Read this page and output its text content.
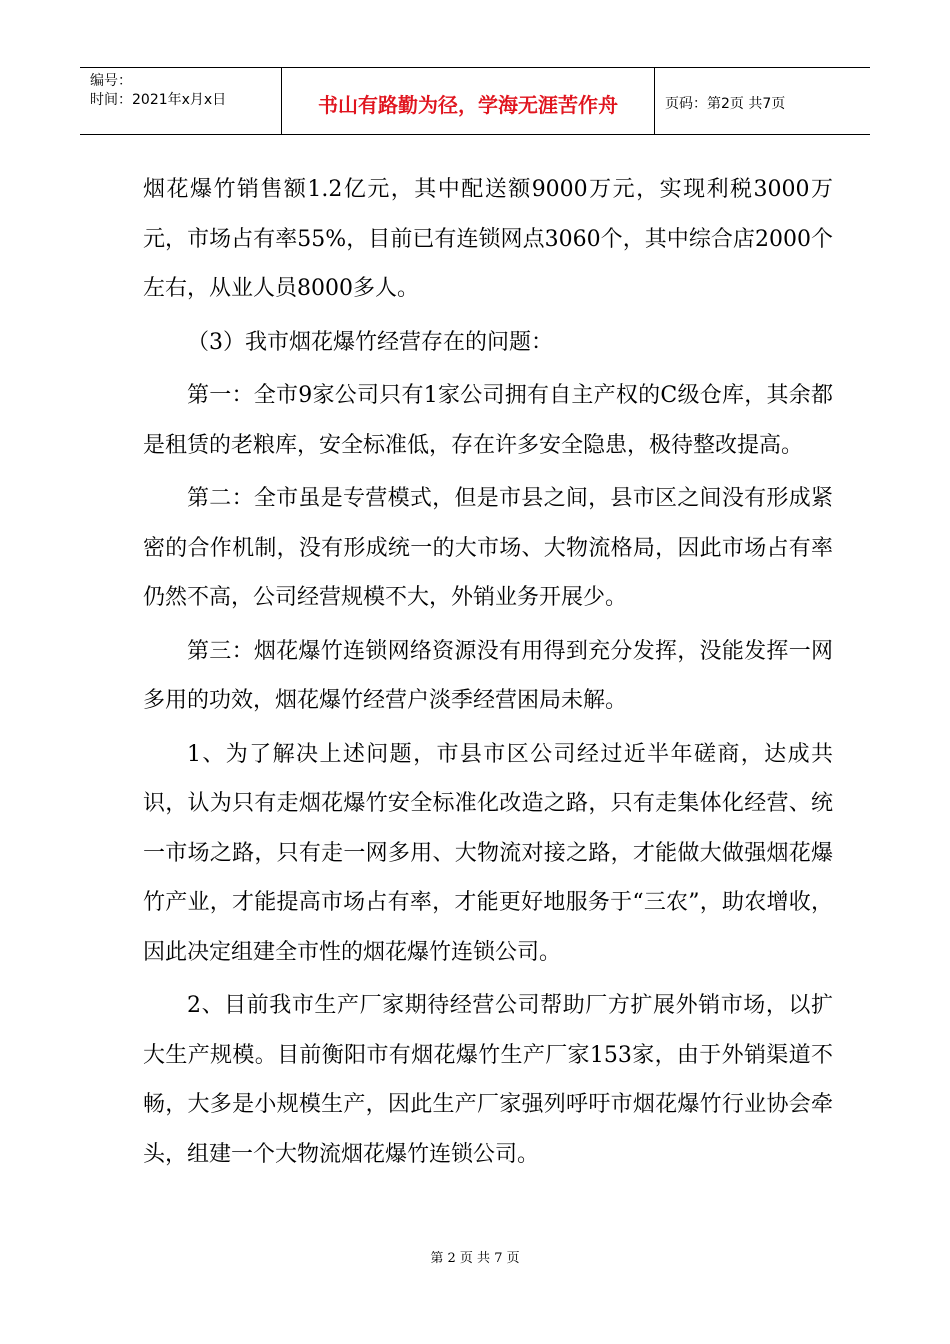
编号：
时间：2021年x月x日	书山有路勤为径，学海无涯苦作舟	页码：第2页 共7页

烟花爆竹销售额1.2亿元，其中配送额9000万元，实现利税3000万元，市场占有率55%，目前已有连锁网点3060个，其中综合店2000个左右，从业人员8000多人。

（3）我市烟花爆竹经营存在的问题：

第一：全市9家公司只有1家公司拥有自主产权的C级仓库，其余都是租赁的老粮库，安全标准低，存在许多安全隐患，极待整改提高。

第二：全市虽是专营模式，但是市县之间，县市区之间没有形成紧密的合作机制，没有形成统一的大市场、大物流格局，因此市场占有率仍然不高，公司经营规模不大，外销业务开展少。

第三：烟花爆竹连锁网络资源没有用得到充分发挥，没能发挥一网多用的功效，烟花爆竹经营户淡季经营困局未解。

1、为了解决上述问题，市县市区公司经过近半年磋商，达成共识，认为只有走烟花爆竹安全标准化改造之路，只有走集体化经营、统一市场之路，只有走一网多用、大物流对接之路，才能做大做强烟花爆竹产业，才能提高市场占有率，才能更好地服务于“三农”，助农增收，因此决定组建全市性的烟花爆竹连锁公司。

2、目前我市生产厂家期待经营公司帮助厂方扩展外销市场，以扩大生产规模。目前衡阳市有烟花爆竹生产厂家153家，由于外销渠道不畅，大多是小规模生产，因此生产厂家强列呼吁市烟花爆竹行业协会牵头，组建一个大物流烟花爆竹连锁公司。

第 2 页 共 7 页
